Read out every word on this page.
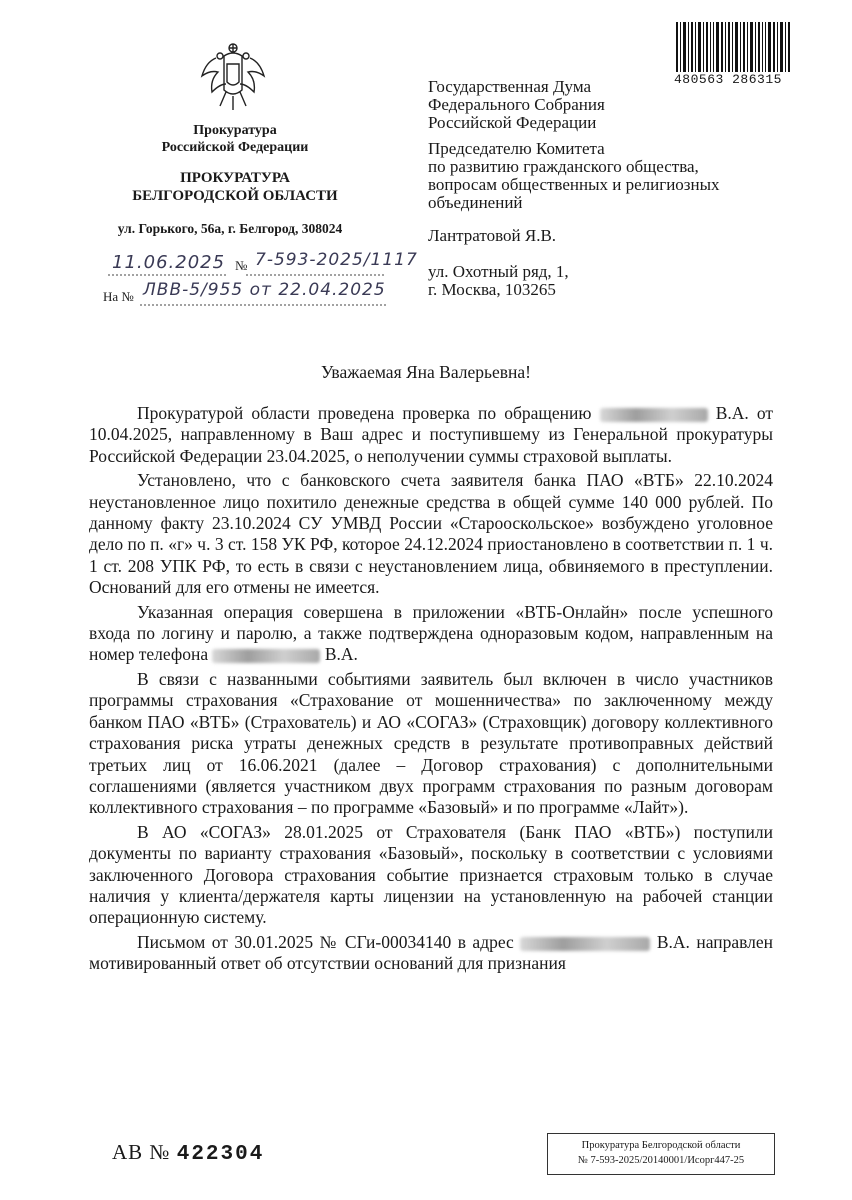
Прокуратура
Российской Федерации
ПРОКУРАТУРА
БЕЛГОРОДСКОЙ ОБЛАСТИ
ул. Горького, 56а, г. Белгород, 308024
11.06.2025 № 7-593-2025/1117
На № ЛВВ-5/955 от 22.04.2025
480563 286315
Государственная Дума
Федерального Собрания
Российской Федерации
Председателю Комитета
по развитию гражданского общества,
вопросам общественных и религиозных
объединений
Лантратовой Я.В.
ул. Охотный ряд, 1,
г. Москва, 103265
Уважаемая Яна Валерьевна!

Прокуратурой области проведена проверка по обращению	В.А. от 10.04.2025, направленному в Ваш адрес и поступившему из Генеральной прокуратуры Российской Федерации 23.04.2025, о неполучении суммы страховой выплаты.

Установлено, что с банковского счета заявителя банка ПАО «ВТБ» 22.10.2024 неустановленное лицо похитило денежные средства в общей сумме 140 000 рублей. По данному факту 23.10.2024 СУ УМВД России «Старооскольское» возбуждено уголовное дело по п. «г» ч. 3 ст. 158 УК РФ, которое 24.12.2024 приостановлено в соответствии п. 1 ч. 1 ст. 208 УПК РФ, то есть в связи с неустановлением лица, обвиняемого в преступлении. Оснований для его отмены не имеется.

Указанная операция совершена в приложении «ВТБ-Онлайн» после успешного входа по логину и паролю, а также подтверждена одноразовым кодом, направленным на номер телефона	В.А.

В связи с названными событиями заявитель был включен в число участников программы страхования «Страхование от мошенничества» по заключенному между банком ПАО «ВТБ» (Страхователь) и АО «СОГАЗ» (Страховщик) договору коллективного страхования риска утраты денежных средств в результате противоправных действий третьих лиц от 16.06.2021 (далее – Договор страхования) с дополнительными соглашениями (является участником двух программ страхования по разным договорам коллективного страхования – по программе «Базовый» и по программе «Лайт»).

В АО «СОГАЗ» 28.01.2025 от Страхователя (Банк ПАО «ВТБ») поступили документы по варианту страхования «Базовый», поскольку в соответствии с условиями заключенного Договора страхования событие признается страховым только в случае наличия у клиента/держателя карты лицензии на установленную на рабочей станции операционную систему.

Письмом от 30.01.2025 № СГи-00034140 в адрес	В.А. направлен мотивированный ответ об отсутствии оснований для признания

АВ № 422304	Прокуратура Белгородской области
№ 7-593-2025/20140001/Исорг447-25
